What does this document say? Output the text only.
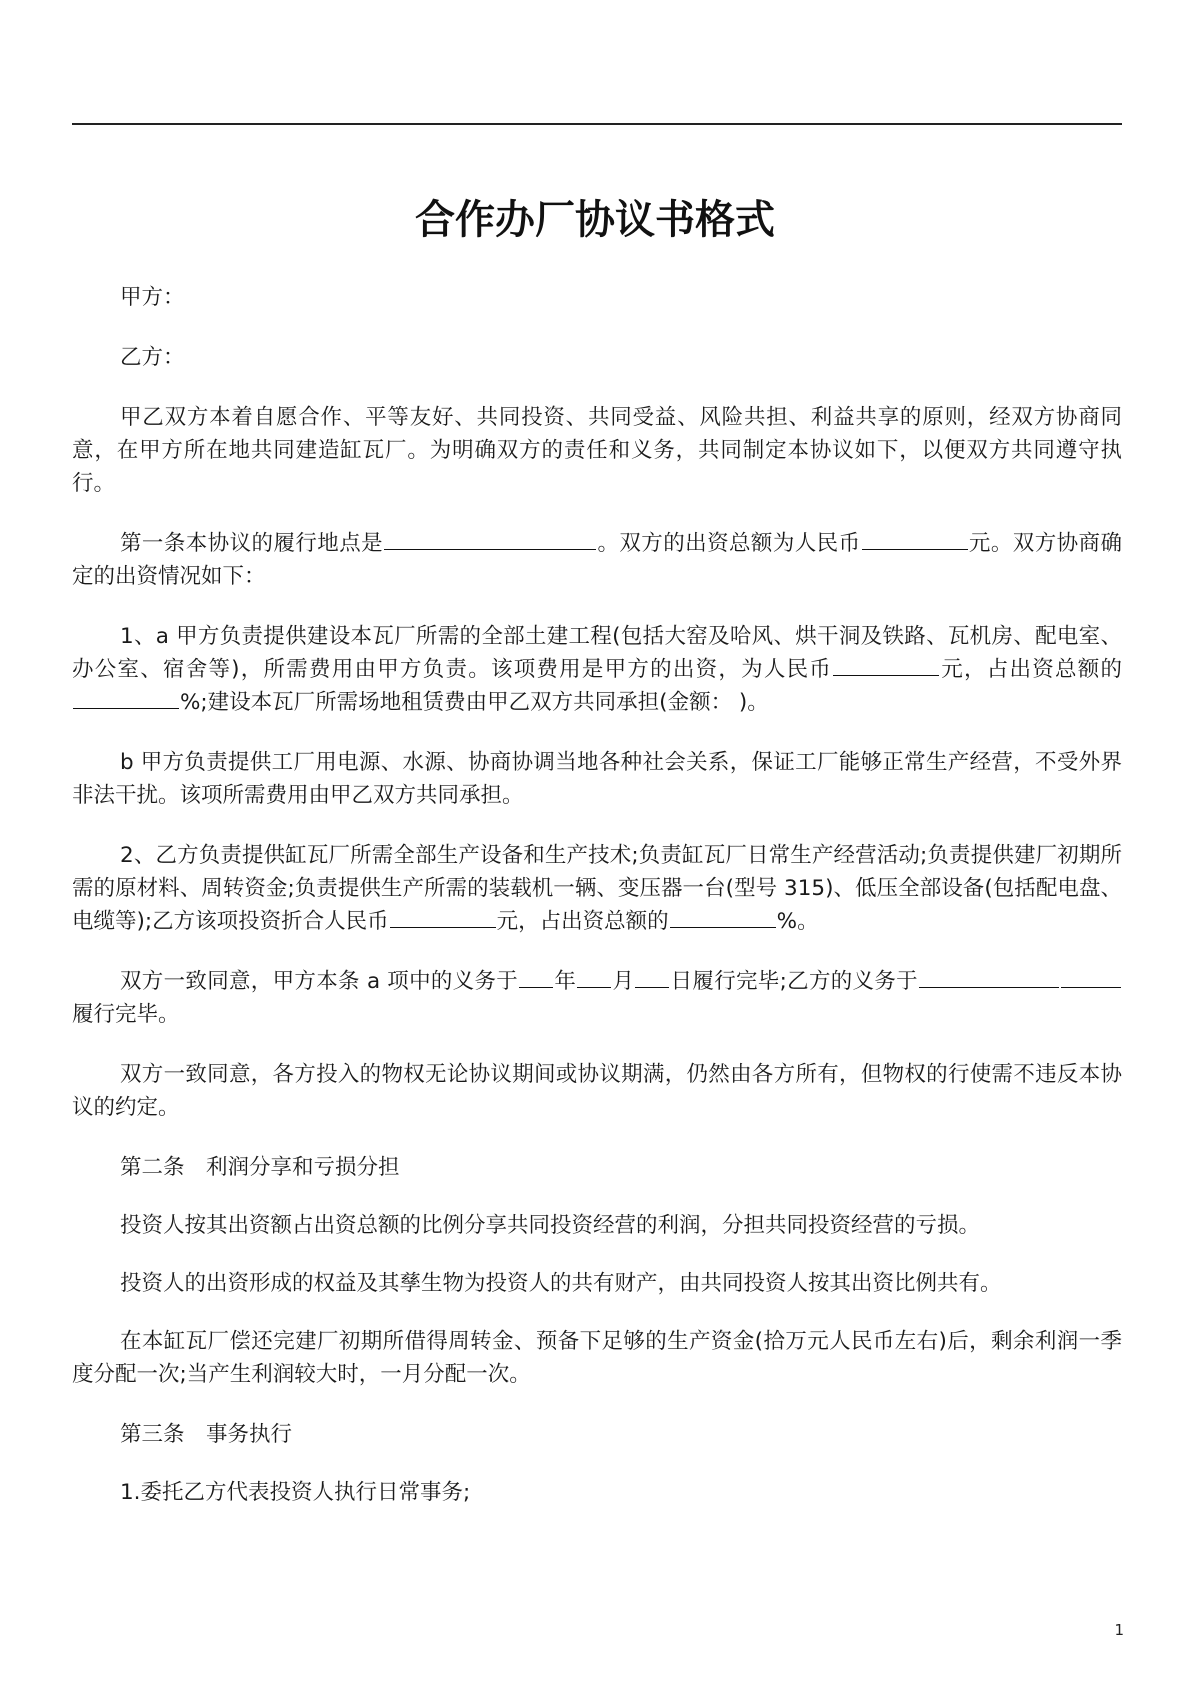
合作办厂协议书格式

甲方：

乙方：

甲乙双方本着自愿合作、平等友好、共同投资、共同受益、风险共担、利益共享的原则，经双方协商同意，在甲方所在地共同建造缸瓦厂。为明确双方的责任和义务，共同制定本协议如下，以便双方共同遵守执行。

第一条本协议的履行地点是	。双方的出资总额为人民币	元。双方协商确定的出资情况如下：

1、a 甲方负责提供建设本瓦厂所需的全部土建工程(包括大窑及哈风、烘干洞及铁路、瓦机房、配电室、办公室、宿舍等)，所需费用由甲方负责。该项费用是甲方的出资，为人民币	元，占出资总额的%;建设本瓦厂所需场地租赁费由甲乙双方共同承担(金额： )。

b 甲方负责提供工厂用电源、水源、协商协调当地各种社会关系，保证工厂能够正常生产经营，不受外界非法干扰。该项所需费用由甲乙双方共同承担。

2、乙方负责提供缸瓦厂所需全部生产设备和生产技术;负责缸瓦厂日常生产经营活动;负责提供建厂初期所需的原材料、周转资金;负责提供生产所需的装载机一辆、变压器一台(型号 315)、低压全部设备(包括配电盘、电缆等);乙方该项投资折合人民币	元，占出资总额的	%。

双方一致同意，甲方本条 a 项中的义务于 年 月 日履行完毕;乙方的义务于履行完毕。

双方一致同意，各方投入的物权无论协议期间或协议期满，仍然由各方所有，但物权的行使需不违反本协议的约定。

第二条　利润分享和亏损分担

投资人按其出资额占出资总额的比例分享共同投资经营的利润，分担共同投资经营的亏损。

投资人的出资形成的权益及其孳生物为投资人的共有财产，由共同投资人按其出资比例共有。

在本缸瓦厂偿还完建厂初期所借得周转金、预备下足够的生产资金(拾万元人民币左右)后，剩余利润一季度分配一次;当产生利润较大时，一月分配一次。

第三条　事务执行

1.委托乙方代表投资人执行日常事务;

1
